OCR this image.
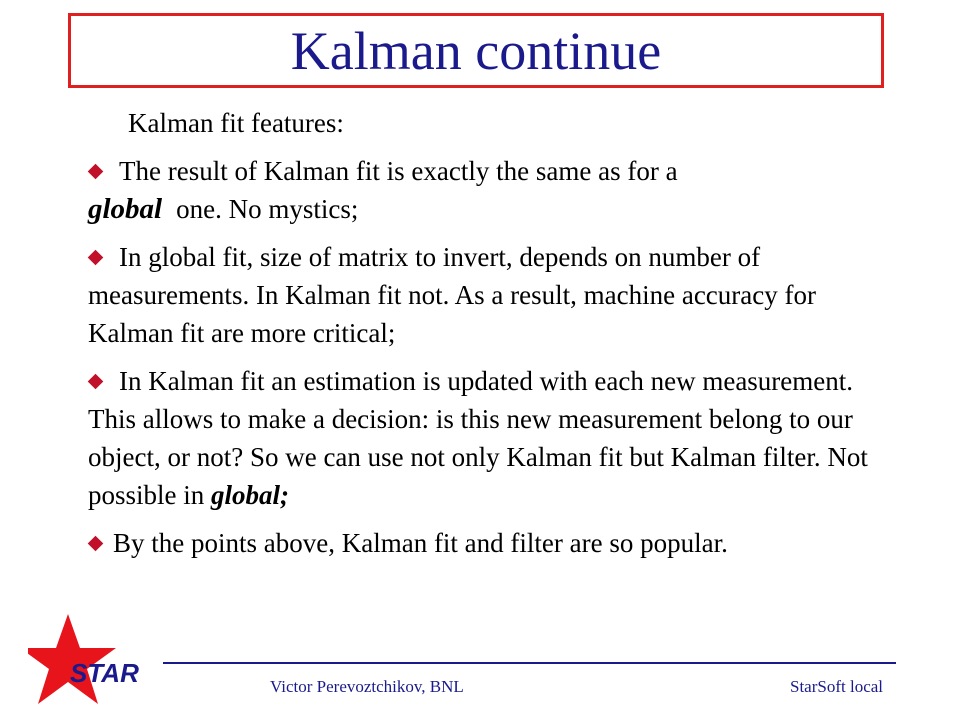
Kalman continue

Kalman fit features:

The result of Kalman fit is exactly the same as for a
global one. No mystics;

In global fit, size of matrix to invert, depends on number of measurements. In Kalman fit not. As a result, machine accuracy for Kalman fit are more critical;

In Kalman fit an estimation is updated with each new measurement. This allows to make a decision: is this new measurement belong to our object, or not? So we can use not only Kalman fit but Kalman filter. Not possible in global;

By the points above, Kalman fit and filter are so popular.

STAR	Victor Perevoztchikov, BNL	StarSoft local
